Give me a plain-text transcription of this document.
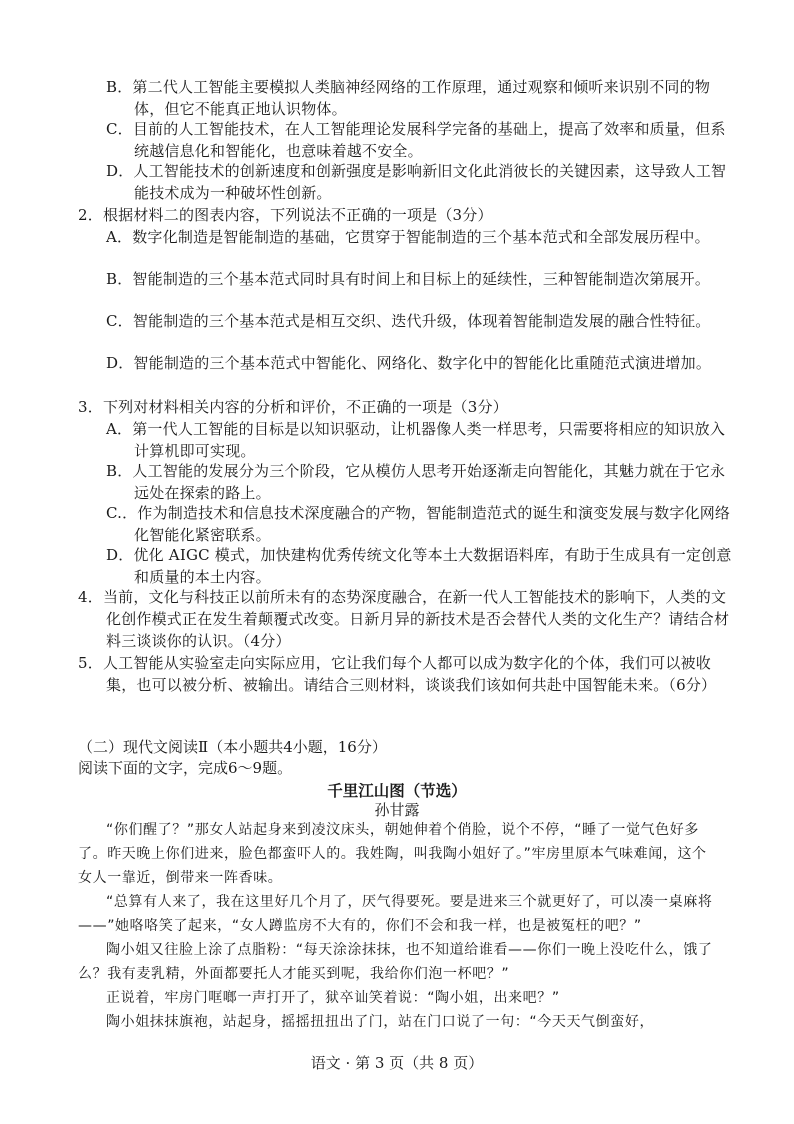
B．第二代人工智能主要模拟人类脑神经网络的工作原理，通过观察和倾听来识别不同的物体，但它不能真正地认识物体。
C．目前的人工智能技术，在人工智能理论发展科学完备的基础上，提高了效率和质量，但系统越信息化和智能化，也意味着越不安全。
D．人工智能技术的创新速度和创新强度是影响新旧文化此消彼长的关键因素，这导致人工智能技术成为一种破坏性创新。
2．根据材料二的图表内容，下列说法不正确的一项是（3分）
A．数字化制造是智能制造的基础，它贯穿于智能制造的三个基本范式和全部发展历程中。
B．智能制造的三个基本范式同时具有时间上和目标上的延续性，三种智能制造次第展开。
C．智能制造的三个基本范式是相互交织、迭代升级，体现着智能制造发展的融合性特征。
D．智能制造的三个基本范式中智能化、网络化、数字化中的智能化比重随范式演进增加。
3．下列对材料相关内容的分析和评价，不正确的一项是（3分）
A．第一代人工智能的目标是以知识驱动，让机器像人类一样思考，只需要将相应的知识放入计算机即可实现。
B．人工智能的发展分为三个阶段，它从模仿人思考开始逐渐走向智能化，其魅力就在于它永远处在探索的路上。
C.．作为制造技术和信息技术深度融合的产物，智能制造范式的诞生和演变发展与数字化网络化智能化紧密联系。
D．优化 AIGC 模式，加快建构优秀传统文化等本土大数据语料库，有助于生成具有一定创意和质量的本土内容。
4．当前，文化与科技正以前所未有的态势深度融合，在新一代人工智能技术的影响下，人类的文化创作模式正在发生着颠覆式改变。日新月异的新技术是否会替代人类的文化生产？请结合材料三谈谈你的认识。（4分）
5．人工智能从实验室走向实际应用，它让我们每个人都可以成为数字化的个体，我们可以被收集，也可以被分析、被输出。请结合三则材料，谈谈我们该如何共赴中国智能未来。（6分）
（二）现代文阅读Ⅱ（本小题共4小题，16分）
阅读下面的文字，完成6～9题。
千里江山图（节选）
孙甘露

“你们醒了？”那女人站起身来到凌汶床头，朝她伸着个俏脸，说个不停，“睡了一觉气色好多了。昨天晚上你们进来，脸色都蛮吓人的。我姓陶，叫我陶小姐好了。”牢房里原本气味难闻，这个女人一靠近，倒带来一阵香味。

“总算有人来了，我在这里好几个月了，厌气得要死。要是进来三个就更好了，可以凑一桌麻将——”她咯咯笑了起来，“女人蹲监房不大有的，你们不会和我一样，也是被冤枉的吧？”

陶小姐又往脸上涂了点脂粉：“每天涂涂抹抹，也不知道给谁看——你们一晚上没吃什么，饿了么？我有麦乳精，外面都要托人才能买到呢，我给你们泡一杯吧？”

正说着，牢房门哐啷一声打开了，狱卒讪笑着说：“陶小姐，出来吧？”

陶小姐抹抹旗袍，站起身，摇摇扭扭出了门，站在门口说了一句：“今天天气倒蛮好，

语文 · 第 3 页（共 8 页）
